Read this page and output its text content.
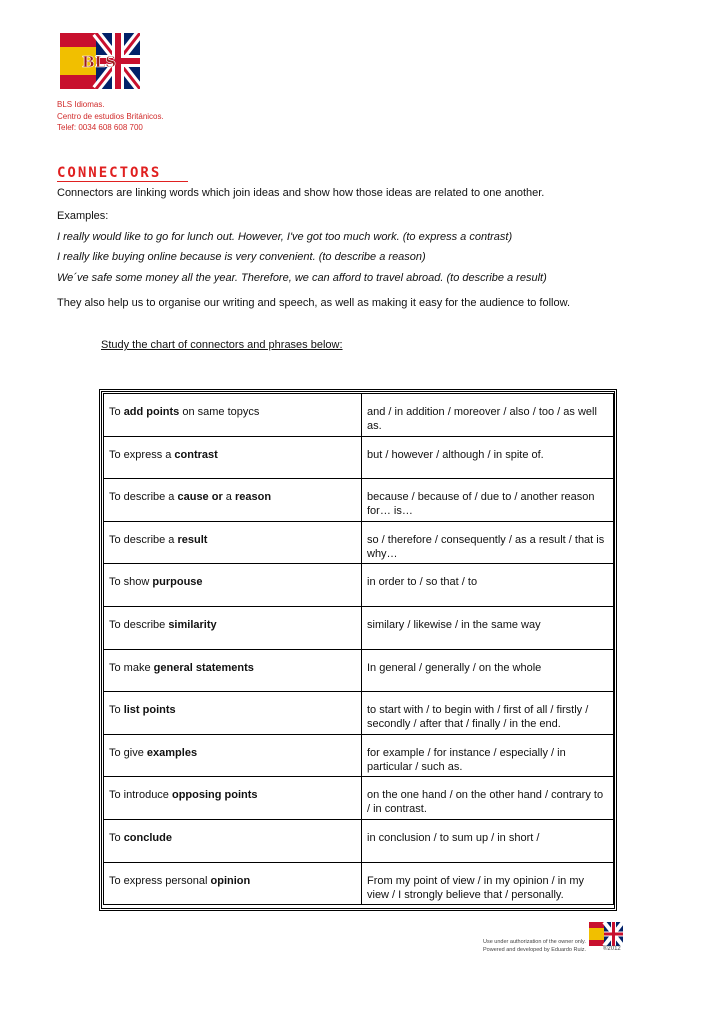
BLS
BLS Idiomas.
Centro de estudios Británicos.
Telef: 0034 608 608 700
CONNECTORS
Connectors are linking words which join ideas and show how those ideas are related to one another.
Examples:
I really would like to go for lunch out. However, I've got too much work. (to express a contrast)
I really like buying online because is very convenient. (to describe a reason)
We´ve safe some money all the year. Therefore, we can afford to travel abroad. (to describe a result)
They also help us to organise our writing and speech, as well as making it easy for the audience to follow.
Study the chart of connectors and phrases below:
To add points on same topycs	and / in addition / moreover / also / too / as well as.
To express a contrast	but / however / although / in spite of.
To describe a cause or a reason	because / because of / due to / another reason for… is…
To describe a result	so / therefore / consequently / as a result / that is why…
To show purpouse	in order to / so that / to
To describe similarity	similary / likewise / in the same way
To make general statements	In general / generally / on the whole
To list points	to start with / to begin with / first of all / firstly / secondly / after that / finally / in the end.
To give examples	for example / for instance / especially / in particular / such as.
To introduce opposing points	on the one hand / on the other hand / contrary to / in contrast.
To conclude	in conclusion / to sum up / in short /
To express personal opinion	From my point of view / in my opinion / in my view / I strongly believe that / personally.
Use under authorization of the owner only.
Powered and developed by Eduardo Ruiz.	®2012
